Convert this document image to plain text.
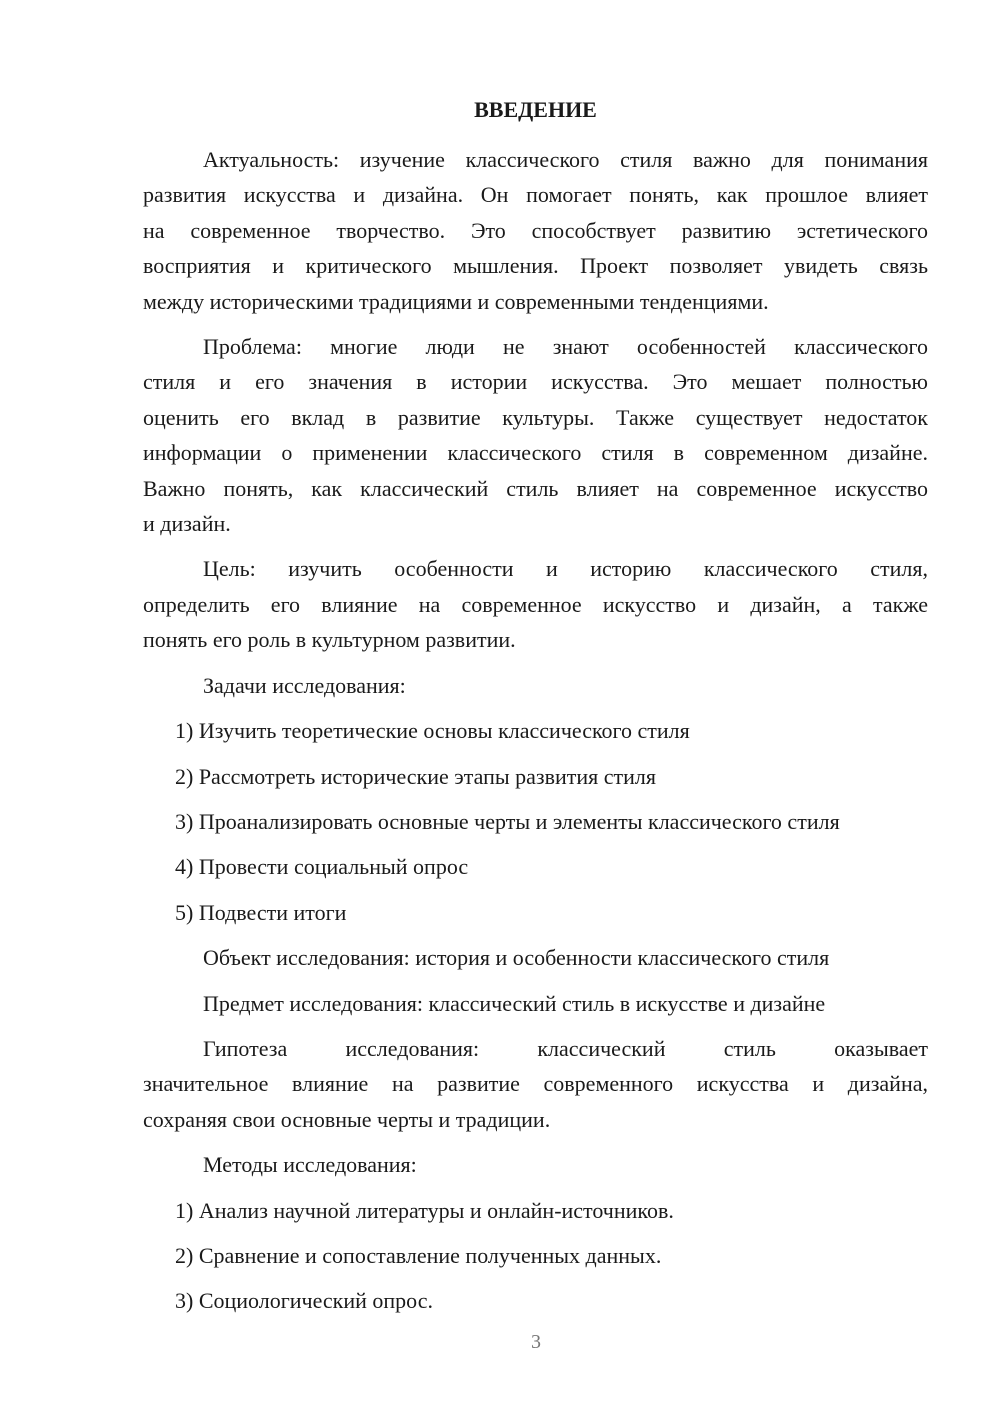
ВВЕДЕНИЕ
Актуальность: изучение классического стиля важно для понимания
развития искусства и дизайна. Он помогает понять, как прошлое влияет
на современное творчество. Это способствует развитию эстетического
восприятия и критического мышления. Проект позволяет увидеть связь
между историческими традициями и современными тенденциями.
Проблема: многие люди не знают особенностей классического
стиля и его значения в истории искусства. Это мешает полностью
оценить его вклад в развитие культуры. Также существует недостаток
информации о применении классического стиля в современном дизайне.
Важно понять, как классический стиль влияет на современное искусство
и дизайн.
Цель: изучить особенности и историю классического стиля,
определить его влияние на современное искусство и дизайн, а также
понять его роль в культурном развитии.
Задачи исследования:
1) Изучить теоретические основы классического стиля
2) Рассмотреть исторические этапы развития стиля
3) Проанализировать основные черты и элементы классического стиля
4) Провести социальный опрос
5) Подвести итоги
Объект исследования: история и особенности классического стиля
Предмет исследования: классический стиль в искусстве и дизайне
Гипотеза исследования: классический стиль оказывает
значительное влияние на развитие современного искусства и дизайна,
сохраняя свои основные черты и традиции.
Методы исследования:
1) Анализ научной литературы и онлайн-источников.
2) Сравнение и сопоставление полученных данных.
3) Социологический опрос.
3
